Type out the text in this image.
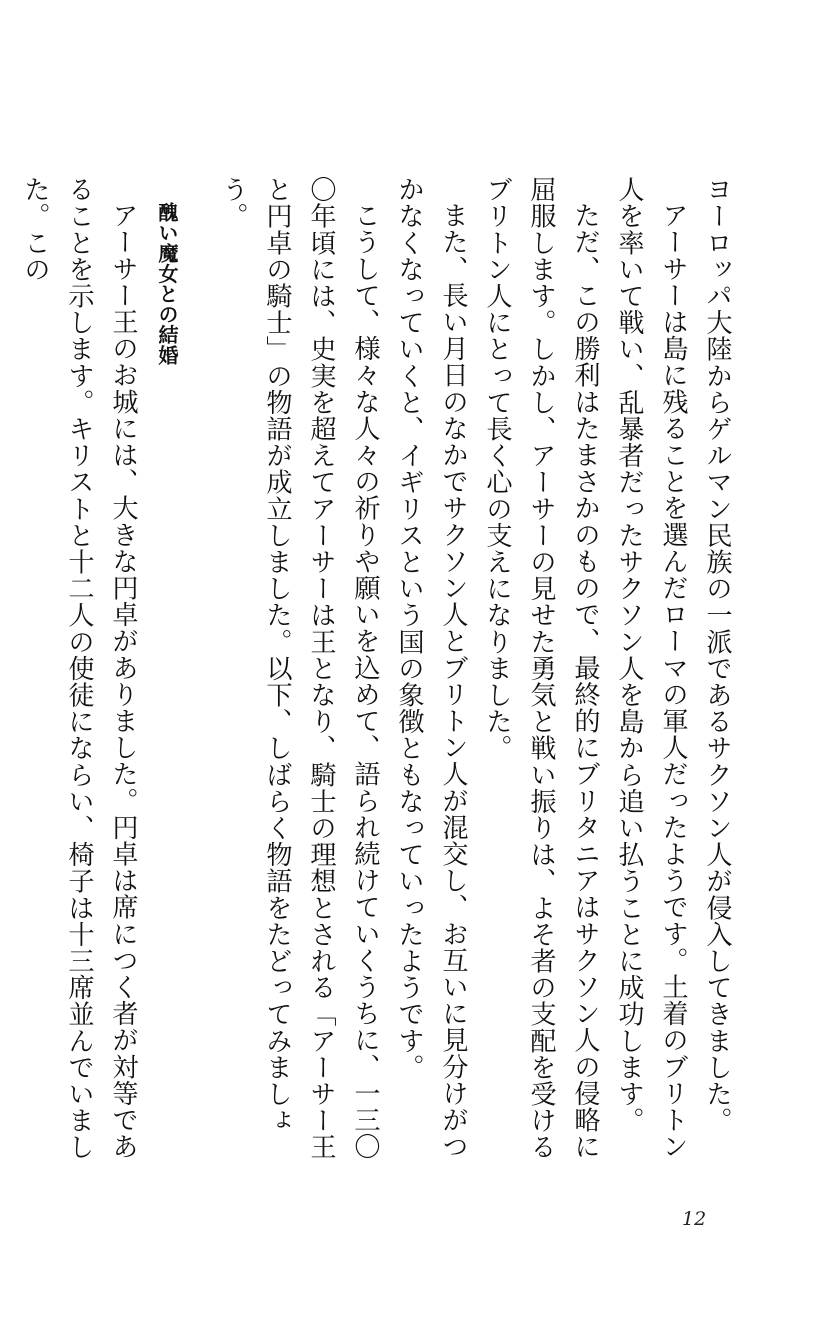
ヨーロッパ大陸からゲルマン民族の一派であるサクソン人が侵入してきました。

アーサーは島に残ることを選んだローマの軍人だったようです。土着のブリトン人を率いて戦い、乱暴者だったサクソン人を島から追い払うことに成功します。

ただ、この勝利はたまさかのもので、最終的にブリタニアはサクソン人の侵略に屈服します。しかし、アーサーの見せた勇気と戦い振りは、よそ者の支配を受けるブリトン人にとって長く心の支えになりました。

また、長い月日のなかでサクソン人とブリトン人が混交し、お互いに見分けがつかなくなっていくと、イギリスという国の象徴ともなっていったようです。

こうして、様々な人々の祈りや願いを込めて、語られ続けていくうちに、一三〇〇年頃には、史実を超えてアーサーは王となり、騎士の理想とされる「アーサー王と円卓の騎士」の物語が成立しました。以下、しばらく物語をたどってみましょう。

醜い魔女との結婚

アーサー王のお城には、大きな円卓がありました。円卓は席につく者が対等であることを示します。キリストと十二人の使徒にならい、椅子は十三席並んでいました。この

12
